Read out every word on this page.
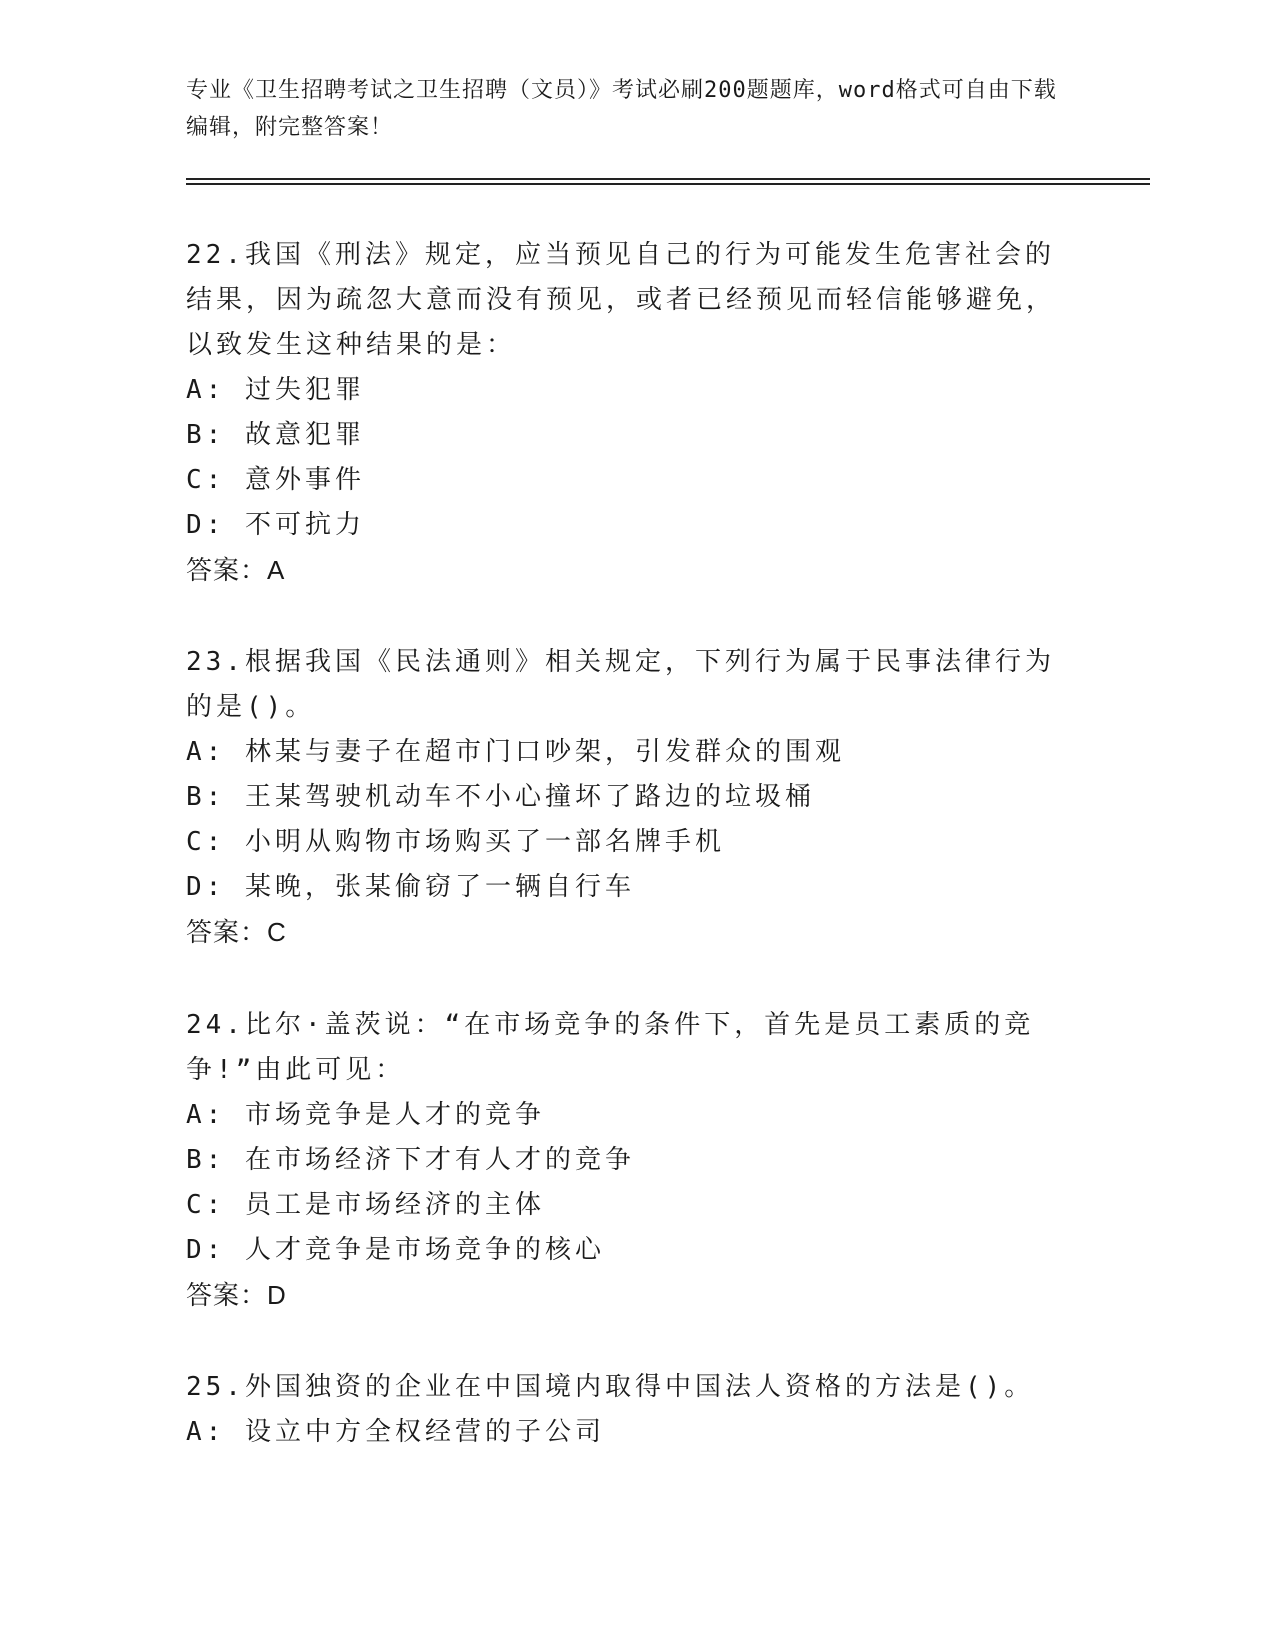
专业《卫生招聘考试之卫生招聘（文员）》考试必刷200题题库，word格式可自由下载编辑，附完整答案！

22.我国《刑法》规定，应当预见自己的行为可能发生危害社会的结果，因为疏忽大意而没有预见，或者已经预见而轻信能够避免，以致发生这种结果的是：

A: 过失犯罪

B: 故意犯罪

C: 意外事件

D: 不可抗力

答案：A

23.根据我国《民法通则》相关规定，下列行为属于民事法律行为的是()。

A: 林某与妻子在超市门口吵架，引发群众的围观

B: 王某驾驶机动车不小心撞坏了路边的垃圾桶

C: 小明从购物市场购买了一部名牌手机

D: 某晚，张某偷窃了一辆自行车

答案：C

24.比尔·盖茨说：“在市场竞争的条件下，首先是员工素质的竞争!”由此可见：

A: 市场竞争是人才的竞争

B: 在市场经济下才有人才的竞争

C: 员工是市场经济的主体

D: 人才竞争是市场竞争的核心

答案：D

25.外国独资的企业在中国境内取得中国法人资格的方法是()。

A: 设立中方全权经营的子公司
